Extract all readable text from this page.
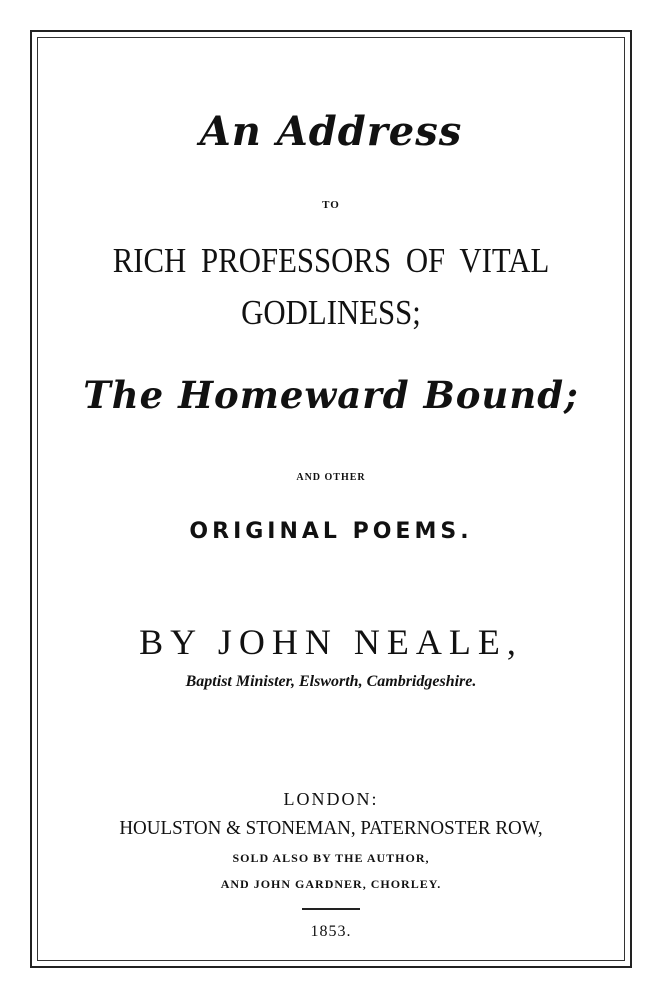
An Address
TO
RICH PROFESSORS OF VITAL
GODLINESS;
The Homeward Bound;
AND OTHER
ORIGINAL POEMS.
BY JOHN NEALE,
Baptist Minister, Elsworth, Cambridgeshire.
LONDON:
HOULSTON & STONEMAN, PATERNOSTER ROW,
SOLD ALSO BY THE AUTHOR,
AND JOHN GARDNER, CHORLEY.
1853.
